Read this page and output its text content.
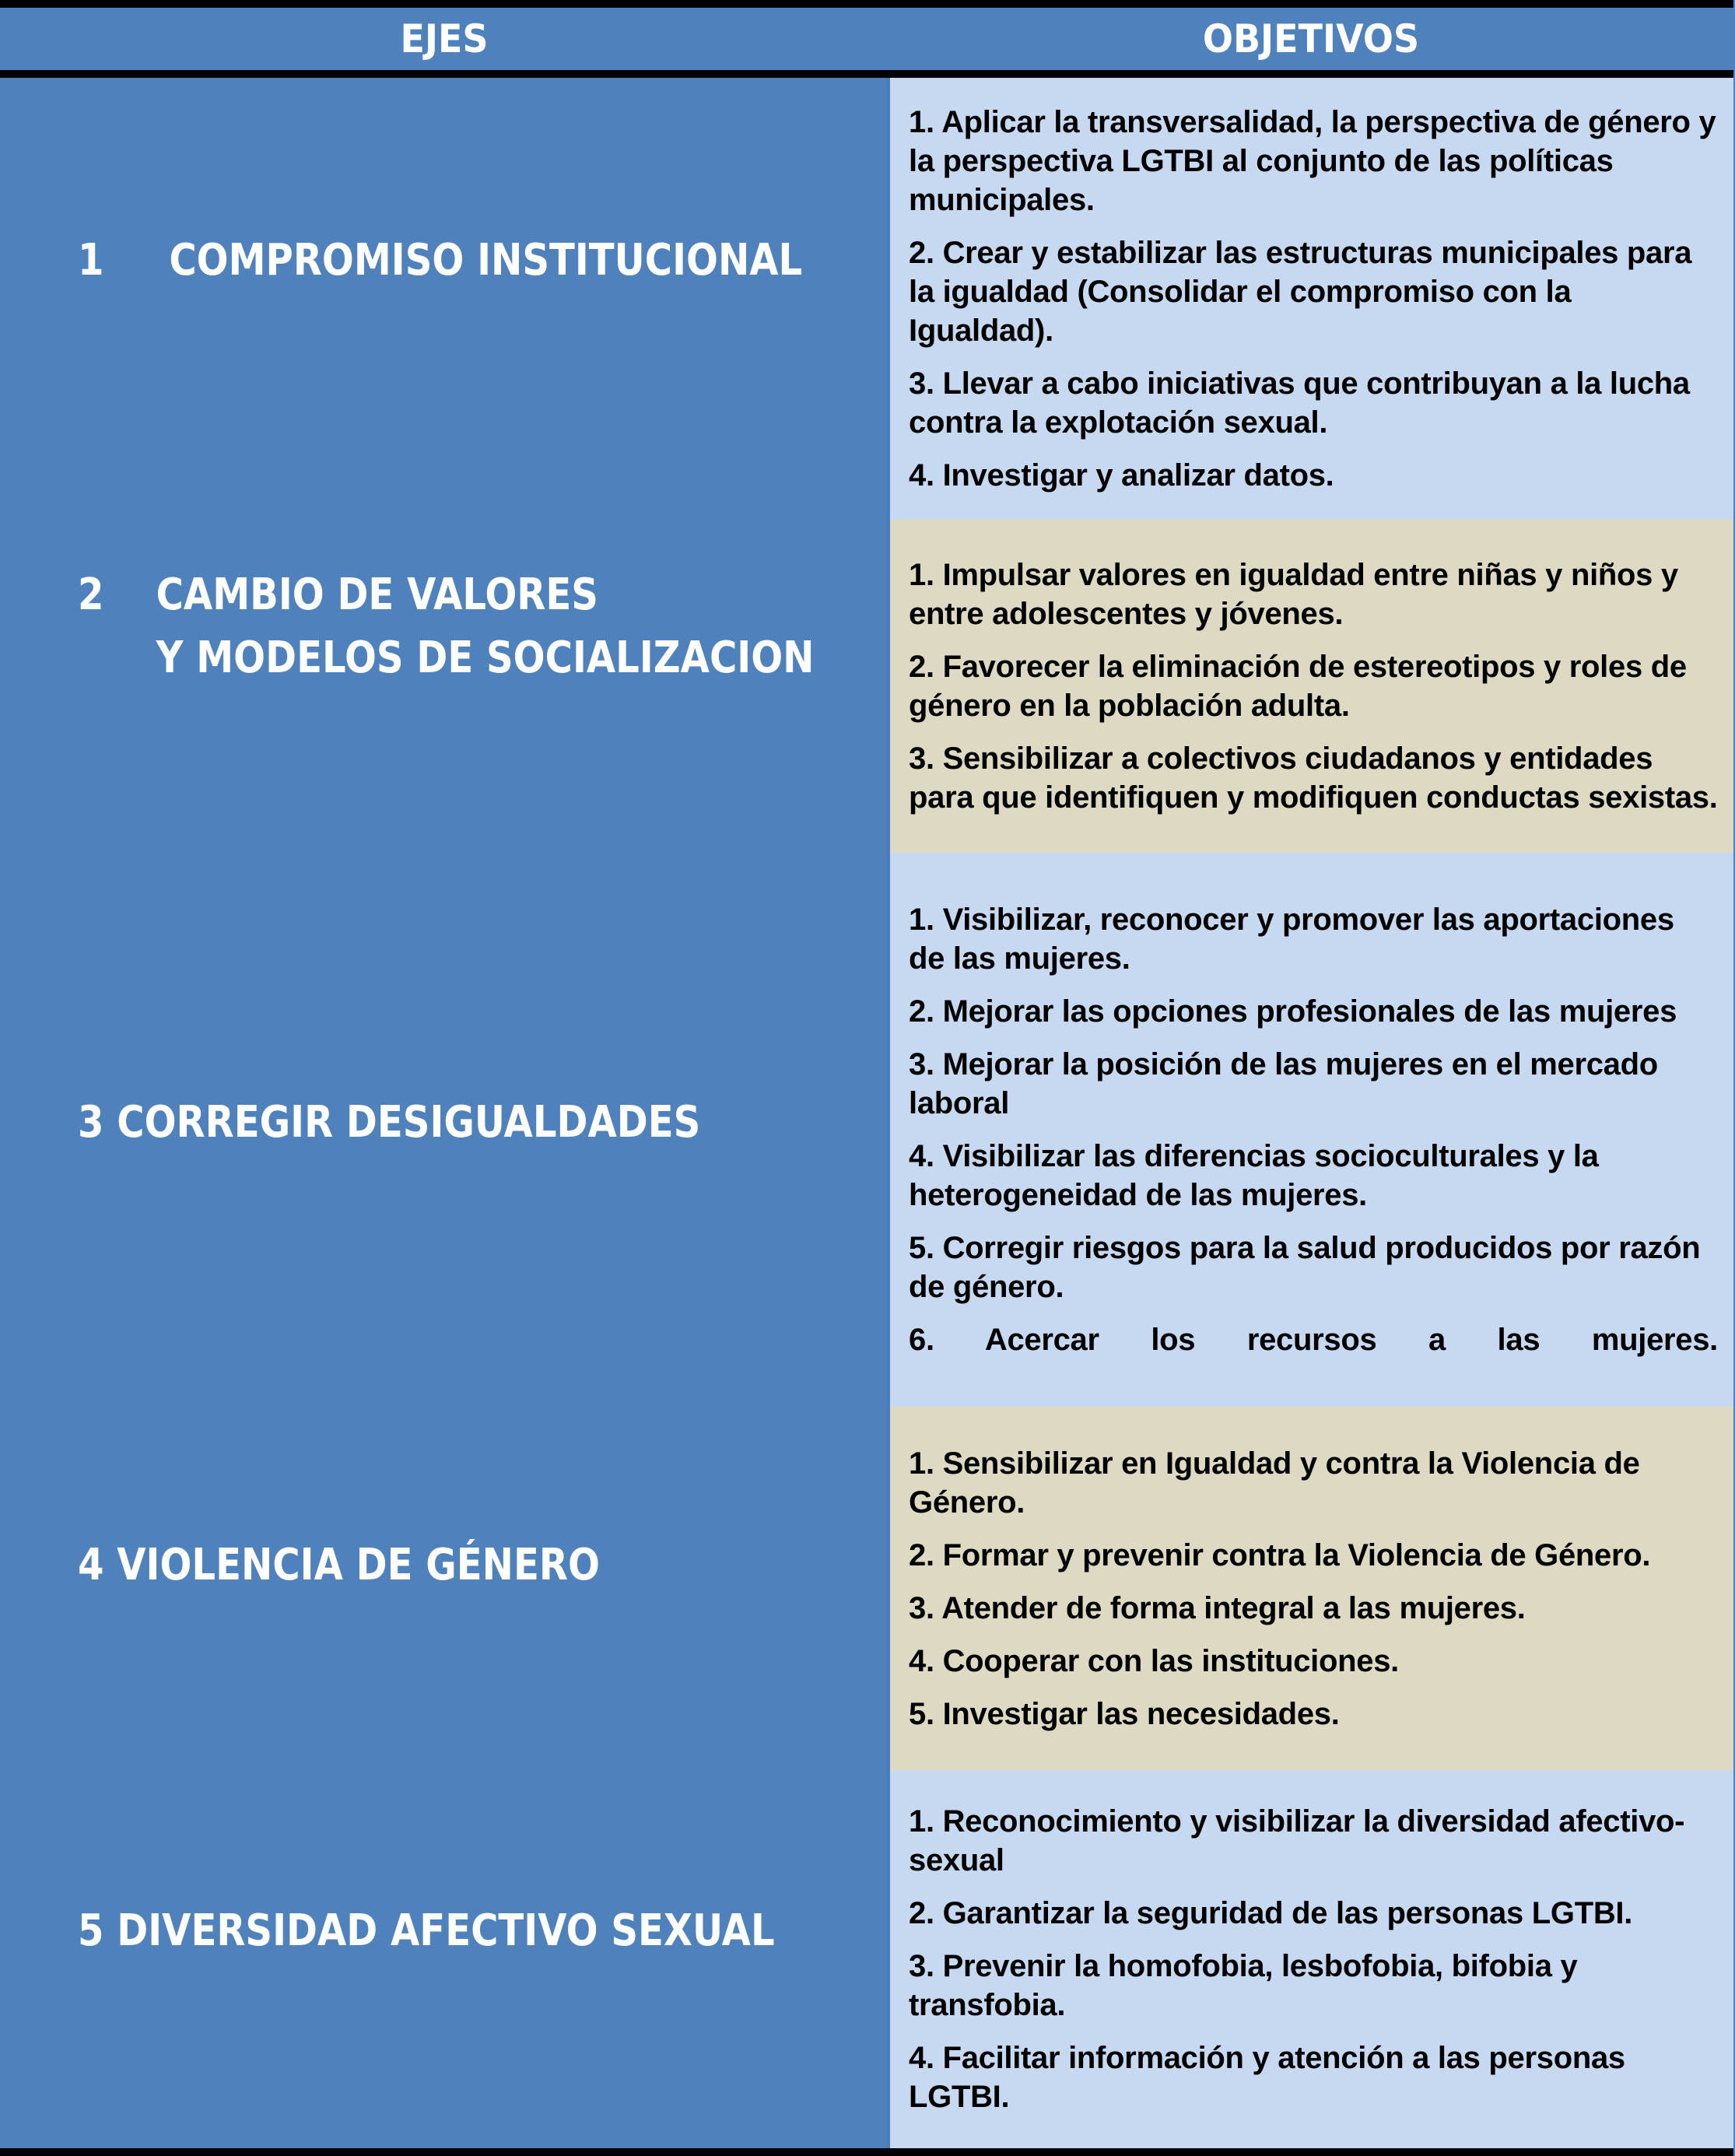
EJES	OBJETIVOS
1     COMPROMISO INSTITUCIONAL
2    CAMBIO DE VALORES
Y MODELOS DE SOCIALIZACION
3 CORREGIR DESIGUALDADES
4 VIOLENCIA DE GÉNERO
5 DIVERSIDAD AFECTIVO SEXUAL
1. Aplicar la transversalidad, la perspectiva de género y la perspectiva LGTBI al conjunto de las políticas municipales.
2. Crear y estabilizar las estructuras municipales para la igualdad (Consolidar el compromiso con la Igualdad).
3. Llevar a cabo iniciativas que contribuyan a la lucha contra la explotación sexual.
4. Investigar y analizar datos.
1. Impulsar valores en igualdad entre niñas y niños y entre adolescentes y jóvenes.
2. Favorecer la eliminación de estereotipos y roles de género en la población adulta.
3. Sensibilizar a colectivos ciudadanos y entidades para que identifiquen y modifiquen conductas sexistas.
1. Visibilizar, reconocer y promover las aportaciones de las mujeres.
2. Mejorar las opciones profesionales de las mujeres
3. Mejorar la posición de las mujeres en el mercado laboral
4. Visibilizar las diferencias socioculturales y la heterogeneidad de las mujeres.
5. Corregir riesgos para la salud producidos por razón de género.
6. Acercar los recursos a las mujeres.
1. Sensibilizar en Igualdad y contra la Violencia de Género.
2. Formar y prevenir contra la Violencia de Género.
3. Atender de forma integral a las mujeres.
4. Cooperar con las instituciones.
5. Investigar las necesidades.
1. Reconocimiento y visibilizar la diversidad afectivo- sexual
2. Garantizar la seguridad de las personas LGTBI.
3. Prevenir la homofobia, lesbofobia, bifobia y transfobia.
4. Facilitar información y atención a las personas LGTBI.
